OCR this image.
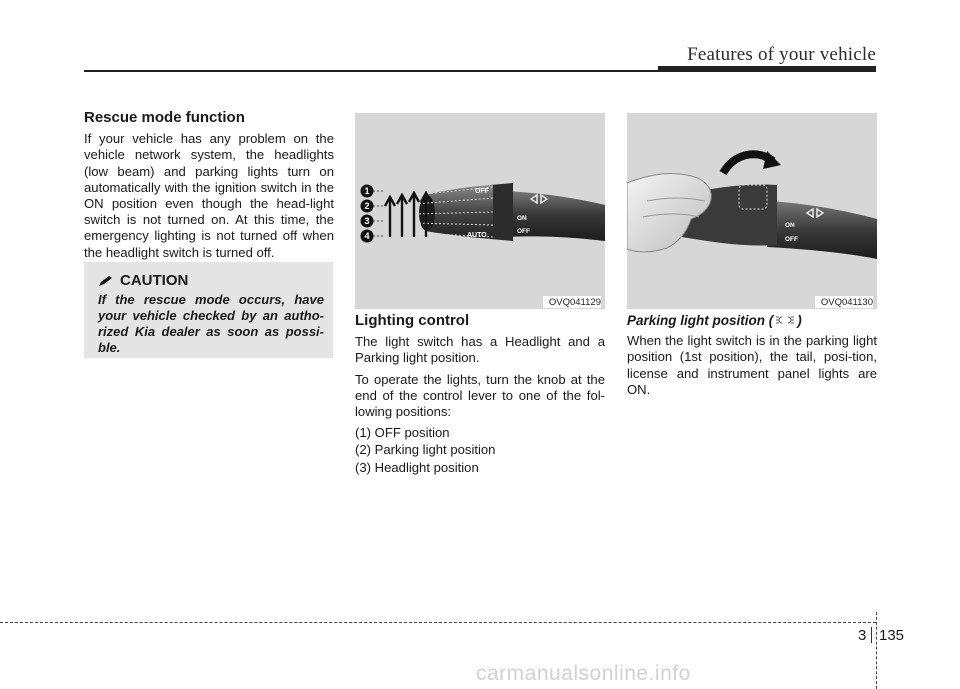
Features of your vehicle
Rescue mode function

If your vehicle has any problem on the vehicle network system, the headlights (low beam) and parking lights turn on automatically with the ignition switch in the ON position even though the head-light switch is not turned on. At this time, the emergency lighting is not turned off when the headlight switch is turned off.

CAUTION
If the rescue mode occurs, have your vehicle checked by an autho-rized Kia dealer as soon as possi-ble.
OFF
AUTO
ON
OFF
1
2
3
4
OVQ041129
ON
OFF
OVQ041130
Lighting control

The light switch has a Headlight and a Parking light position.

To operate the lights, turn the knob at the end of the control lever to one of the fol-lowing positions:

(1) OFF position
(2) Parking light position
(3) Headlight position
Parking light position ( )

When the light switch is in the parking light position (1st position), the tail, posi-tion, license and instrument panel lights are ON.

3 135
carmanualsonline.info
